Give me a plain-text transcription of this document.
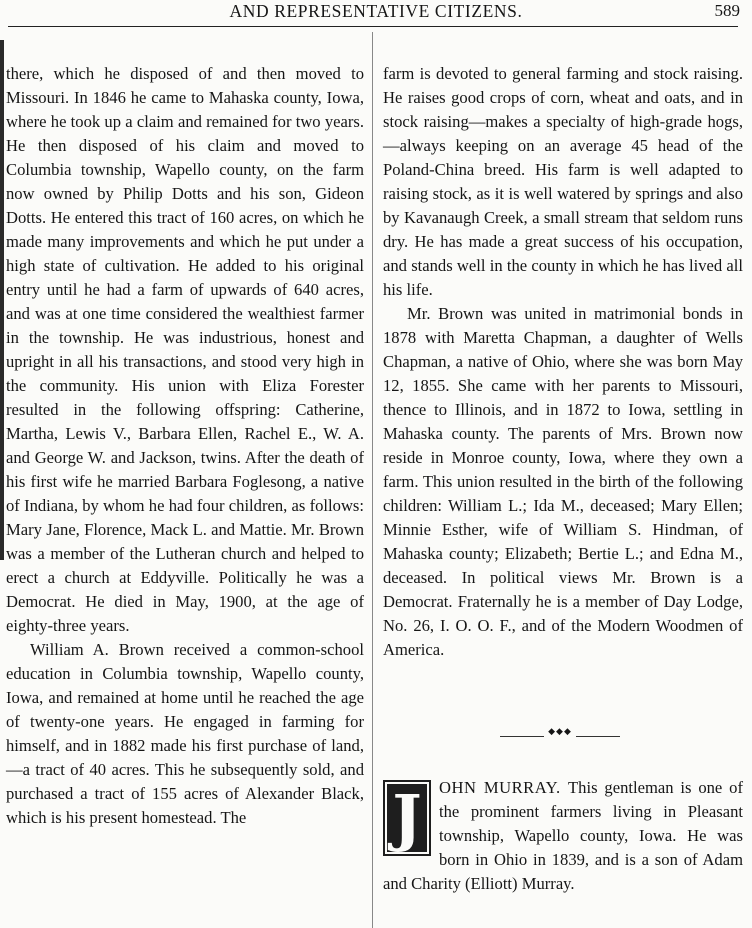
AND REPRESENTATIVE CITIZENS.	589

there, which he disposed of and then moved to Missouri. In 1846 he came to Mahaska county, Iowa, where he took up a claim and remained for two years. He then disposed of his claim and moved to Columbia township, Wapello county, on the farm now owned by Philip Dotts and his son, Gideon Dotts. He entered this tract of 160 acres, on which he made many improvements and which he put under a high state of cultivation. He added to his original entry until he had a farm of upwards of 640 acres, and was at one time considered the wealthiest farmer in the township. He was industrious, honest and upright in all his transactions, and stood very high in the community. His union with Eliza Forester resulted in the following offspring: Catherine, Martha, Lewis V., Barbara Ellen, Rachel E., W. A. and George W. and Jackson, twins. After the death of his first wife he married Barbara Foglesong, a native of Indiana, by whom he had four children, as follows: Mary Jane, Florence, Mack L. and Mattie. Mr. Brown was a member of the Lutheran church and helped to erect a church at Eddyville. Politically he was a Democrat. He died in May, 1900, at the age of eighty-three years.

William A. Brown received a common-school education in Columbia township, Wapello county, Iowa, and remained at home until he reached the age of twenty-one years. He engaged in farming for himself, and in 1882 made his first purchase of land,—a tract of 40 acres. This he subsequently sold, and purchased a tract of 155 acres of Alexander Black, which is his present homestead. The

farm is devoted to general farming and stock raising. He raises good crops of corn, wheat and oats, and in stock raising—makes a specialty of high-grade hogs,—always keeping on an average 45 head of the Poland-China breed. His farm is well adapted to raising stock, as it is well watered by springs and also by Kavanaugh Creek, a small stream that seldom runs dry. He has made a great success of his occupation, and stands well in the county in which he has lived all his life.

Mr. Brown was united in matrimonial bonds in 1878 with Maretta Chapman, a daughter of Wells Chapman, a native of Ohio, where she was born May 12, 1855. She came with her parents to Missouri, thence to Illinois, and in 1872 to Iowa, settling in Mahaska county. The parents of Mrs. Brown now reside in Monroe county, Iowa, where they own a farm. This union resulted in the birth of the following children: William L.; Ida M., deceased; Mary Ellen; Minnie Esther, wife of William S. Hindman, of Mahaska county; Elizabeth; Bertie L.; and Edna M., deceased. In political views Mr. Brown is a Democrat. Fraternally he is a member of Day Lodge, No. 26, I. O. O. F., and of the Modern Woodmen of America.

◆◆◆
J	OHN MURRAY. This gentleman is one of the prominent farmers living in Pleasant township, Wapello county, Iowa. He was born in Ohio in 1839, and is a son of Adam and Charity (Elliott) Murray.
